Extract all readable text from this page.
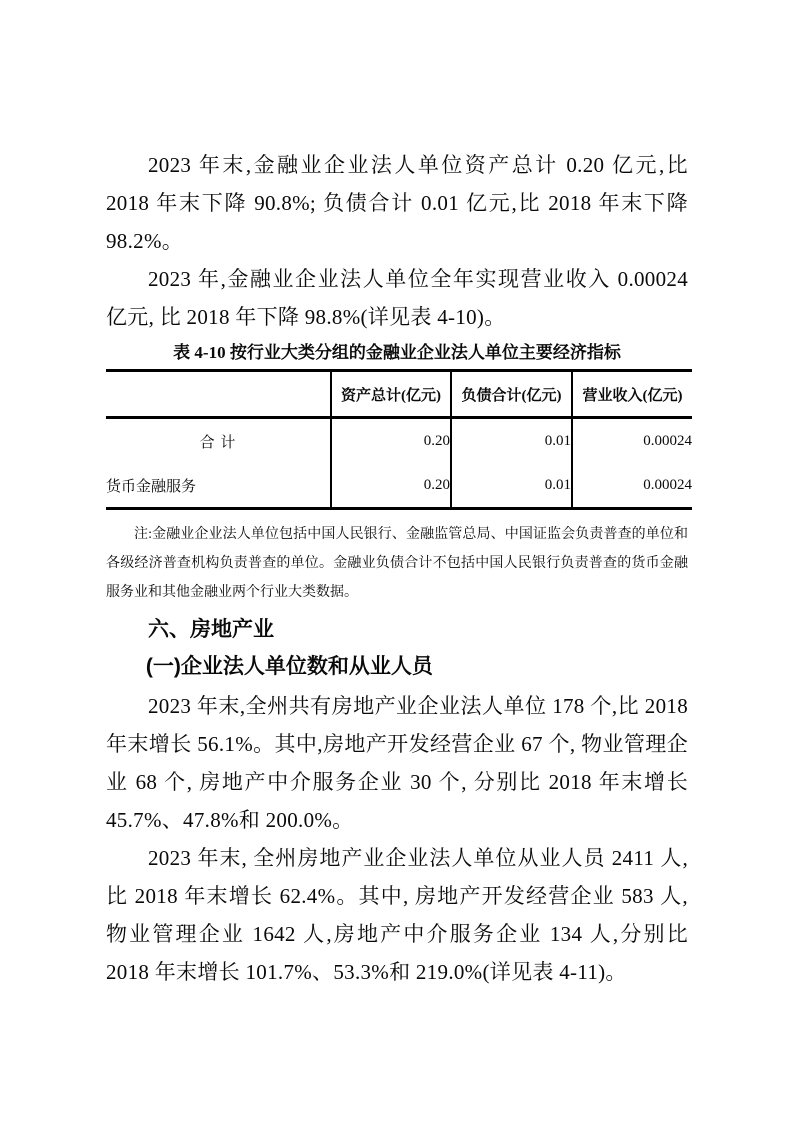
2023 年末,金融业企业法人单位资产总计 0.20 亿元,比 2018 年末下降 90.8%; 负债合计 0.01 亿元,比 2018 年末下降 98.2%。

2023 年,金融业企业法人单位全年实现营业收入 0.00024 亿元, 比 2018 年下降 98.8%(详见表 4-10)。

表 4-10 按行业大类分组的金融业企业法人单位主要经济指标
	资产总计(亿元)	负债合计(亿元)	营业收入(亿元)
合 计	0.20	0.01	0.00024
货币金融服务	0.20	0.01	0.00024

注:金融业企业法人单位包括中国人民银行、金融监管总局、中国证监会负责普查的单位和各级经济普查机构负责普查的单位。金融业负债合计不包括中国人民银行负责普查的货币金融服务业和其他金融业两个行业大类数据。

六、房地产业
(一)企业法人单位数和从业人员

2023 年末,全州共有房地产业企业法人单位 178 个,比 2018 年末增长 56.1%。其中,房地产开发经营企业 67 个, 物业管理企业 68 个, 房地产中介服务企业 30 个, 分别比 2018 年末增长 45.7%、47.8%和 200.0%。

2023 年末, 全州房地产业企业法人单位从业人员 2411 人,比 2018 年末增长 62.4%。其中, 房地产开发经营企业 583 人, 物业管理企业 1642 人,房地产中介服务企业 134 人,分别比 2018 年末增长 101.7%、53.3%和 219.0%(详见表 4-11)。
